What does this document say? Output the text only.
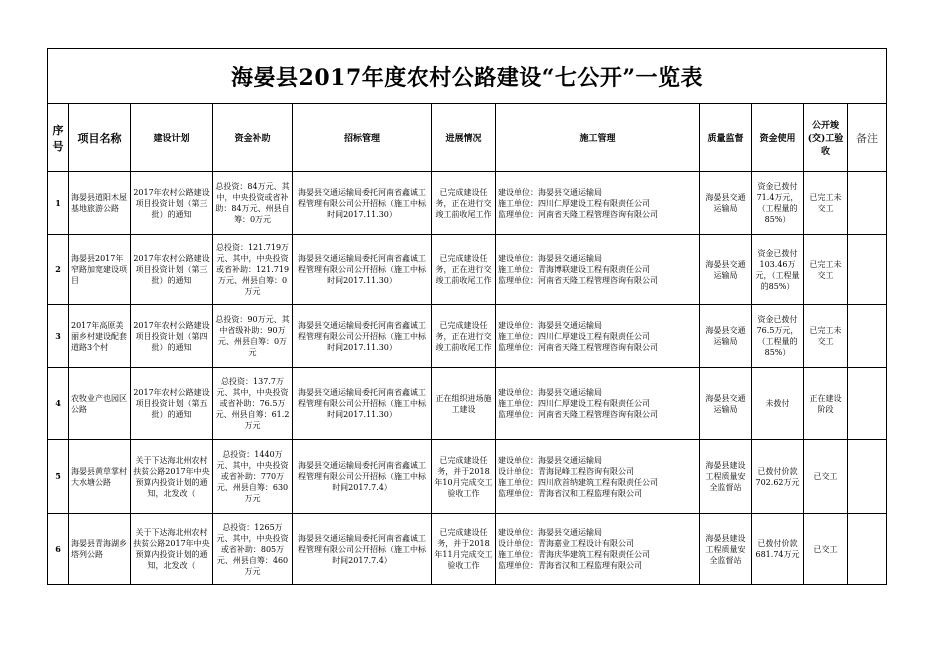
海晏县2017年度农村公路建设“七公开”一览表										
序号	项目名称	建设计划	资金补助	招标管理	进展情况	施工管理	质量监督	资金使用	公开竣(交)工验收	备注
1	海晏县道阳木屋基地旅游公路	2017年农村公路建设项目投资计划（第三批）的通知	总投资：84万元、其中，中央投资或省补助：84万元、州县自筹：0万元	海晏县交通运输局委托河南省鑫诚工程管理有限公司公开招标（施工中标时间2017.11.30）	已完成建设任务，正在进行交竣工前收尾工作	建设单位：海晏县交通运输局
施工单位：四川仁厚建设工程有限责任公司
监理单位：河南省天隆工程管理咨询有限公司	海晏县交通运输局	资金已拨付71.4万元，（工程量的85%）	已完工未交工	
2	海晏县2017年窄路加宽建设项目	2017年农村公路建设项目投资计划（第三批）的通知	总投资：121.719万元、其中，中央投资或省补助：121.719万元、州县自筹：0万元	海晏县交通运输局委托河南省鑫诚工程管理有限公司公开招标（施工中标时间2017.11.30）	已完成建设任务，正在进行交竣工前收尾工作	建设单位：海晏县交通运输局
施工单位：青海博联建设工程有限责任公司
监理单位：河南省天隆工程管理咨询有限公司	海晏县交通运输局	资金已拨付103.46万元，（工程量的85%）	已完工未交工	
3	2017年高原美丽乡村建设配套道路3个村	2017年农村公路建设项目投资计划（第四批）的通知	总投资：90万元、其中省级补助：90万元、州县自筹：0万元	海晏县交通运输局委托河南省鑫诚工程管理有限公司公开招标（施工中标时间2017.11.30）	已完成建设任务，正在进行交竣工前收尾工作	建设单位：海晏县交通运输局
施工单位：四川仁厚建设工程有限责任公司
监理单位：河南省天隆工程管理咨询有限公司	海晏县交通运输局	资金已拨付76.5万元，（工程量的85%）	已完工未交工	
4	农牧业产也园区公路	2017年农村公路建设项目投资计划（第五批）的通知	总投资：137.7万元、其中，中央投资或省补助：76.5万元、州县自筹：61.2万元	海晏县交通运输局委托河南省鑫诚工程管理有限公司公开招标（施工中标时间2017.11.30）	正在组织进场施工建设	建设单位：海晏县交通运输局
施工单位：四川仁厚建设工程有限责任公司
监理单位：河南省天隆工程管理咨询有限公司	海晏县交通运输局	未拨付	正在建设阶段	
5	海晏县黄草掌村大水塘公路	关于下达海北州农村扶贫公路2017年中央预算内投资计划的通知，北发改（	总投资：1440万元、其中，中央投资或省补助：770万元、州县自筹：630万元	海晏县交通运输局委托河南省鑫诚工程管理有限公司公开招标（施工中标时间2017.7.4）	已完成建设任务，并于2018年10月完成交工验收工作	建设单位：海晏县交通运输局
设计单位：青海昆峰工程咨询有限公司
施工单位：四川欣首纳建筑工程有限责任公司
监理单位：青海省汉和工程监理有限公司	海晏县建设工程质量安全监督站	已拨付价款702.62万元	已交工	
6	海晏县青海湖乡塔列公路	关于下达海北州农村扶贫公路2017年中央预算内投资计划的通知，北发改（	总投资：1265万元、其中，中央投资或省补助：805万元、州县自筹：460万元	海晏县交通运输局委托河南省鑫诚工程管理有限公司公开招标（施工中标时间2017.7.4）	已完成建设任务，并于2018年11月完成交工验收工作	建设单位：海晏县交通运输局
设计单位：青海嘉业工程设计有限公司
施工单位：青海庆华建筑工程有限责任公司
监理单位：青海省汉和工程监理有限公司	海晏县建设工程质量安全监督站	已拨付价款681.74万元	已交工	
